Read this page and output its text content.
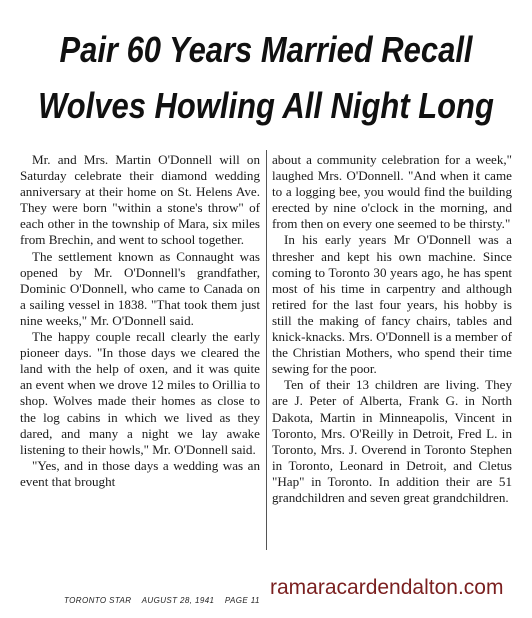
Pair 60 Years Married Recall
Wolves Howling All Night Long

Mr. and Mrs. Martin O'Donnell will on Saturday celebrate their diamond wedding anniversary at their home on St. Helens Ave. They were born "within a stone's throw" of each other in the township of Mara, six miles from Brechin, and went to school together.

The settlement known as Connaught was opened by Mr. O'Donnell's grandfather, Dominic O'Donnell, who came to Canada on a sailing vessel in 1838. "That took them just nine weeks," Mr. O'Donnell said.

The happy couple recall clearly the early pioneer days. "In those days we cleared the land with the help of oxen, and it was quite an event when we drove 12 miles to Orillia to shop. Wolves made their homes as close to the log cabins in which we lived as they dared, and many a night we lay awake listening to their howls," Mr. O'Donnell said.

"Yes, and in those days a wedding was an event that brought

about a community celebration for a week," laughed Mrs. O'Donnell. "And when it came to a logging bee, you would find the building erected by nine o'clock in the morning, and from then on every one seemed to be thirsty."

In his early years Mr O'Donnell was a thresher and kept his own machine. Since coming to Toronto 30 years ago, he has spent most of his time in carpentry and although retired for the last four years, his hobby is still the making of fancy chairs, tables and knick-knacks. Mrs. O'Donnell is a member of the Christian Mothers, who spend their time sewing for the poor.

Ten of their 13 children are living. They are J. Peter of Alberta, Frank G. in North Dakota, Martin in Minneapolis, Vincent in Toronto, Mrs. O'Reilly in Detroit, Fred L. in Toronto, Mrs. J. Overend in Toronto Stephen in Toronto, Leonard in Detroit, and Cletus "Hap" in Toronto. In addition their are 51 grandchildren and seven great grandchildren.

TORONTO STAR AUGUST 28, 1941 PAGE 11
ramaracardendalton.com
